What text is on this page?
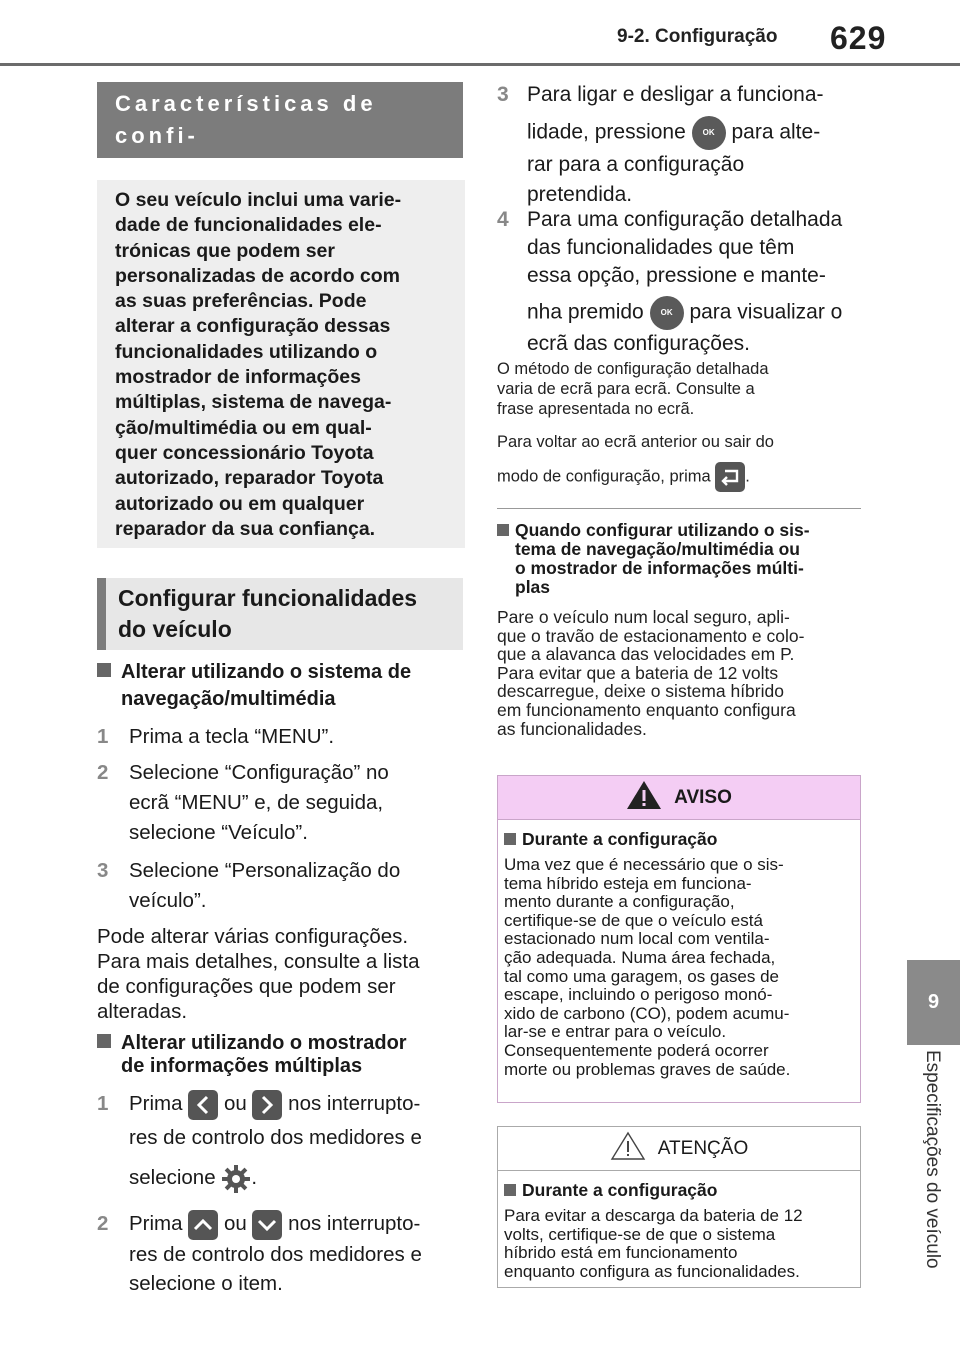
9-2. Configuração 629
9
Especificações do veículo
Características de confi-
guração
O seu veículo inclui uma varie-
dade de funcionalidades ele-
trónicas que podem ser
personalizadas de acordo com
as suas preferências. Pode
alterar a configuração dessas
funcionalidades utilizando o
mostrador de informações
múltiplas, sistema de navega-
ção/multimédia ou em qual-
quer concessionário Toyota
autorizado, reparador Toyota
autorizado ou em qualquer
reparador da sua confiança.
Configurar funcionalidades
do veículo
Alterar utilizando o sistema de
navegação/multimédia
1	Prima a tecla “MENU”.
2	Selecione “Configuração” no
ecrã “MENU” e, de seguida,
selecione “Veículo”.
3	Selecione “Personalização do
veículo”.
Pode alterar várias configurações.
Para mais detalhes, consulte a lista
de configurações que podem ser
alteradas.
Alterar utilizando o mostrador
de informações múltiplas
1	Prima ou nos interrupto-
res de controlo dos medidores e
selecione .
2	Prima ou nos interrupto-
res de controlo dos medidores e
selecione o item.
3 Para ligar e desligar a funciona-
lidade, pressione OK para alte-
rar para a configuração
pretendida.
4 Para uma configuração detalhada
das funcionalidades que têm
essa opção, pressione e mante-
nha premido OK para visualizar o
ecrã das configurações.
O método de configuração detalhada
varia de ecrã para ecrã. Consulte a
frase apresentada no ecrã.
Para voltar ao ecrã anterior ou sair do
modo de configuração, prima .
Quando configurar utilizando o sis-
tema de navegação/multimédia ou
o mostrador de informações múlti-
plas
Pare o veículo num local seguro, apli-
que o travão de estacionamento e colo-
que a alavanca das velocidades em P.
Para evitar que a bateria de 12 volts
descarregue, deixe o sistema híbrido
em funcionamento enquanto configura
as funcionalidades.
AVISO
Durante a configuração
Uma vez que é necessário que o sis-
tema híbrido esteja em funciona-
mento durante a configuração,
certifique-se de que o veículo está
estacionado num local com ventila-
ção adequada. Numa área fechada,
tal como uma garagem, os gases de
escape, incluindo o perigoso monó-
xido de carbono (CO), podem acumu-
lar-se e entrar para o veículo.
Consequentemente poderá ocorrer
morte ou problemas graves de saúde.
ATENÇÃO
Durante a configuração
Para evitar a descarga da bateria de 12
volts, certifique-se de que o sistema
híbrido está em funcionamento
enquanto configura as funcionalidades.
